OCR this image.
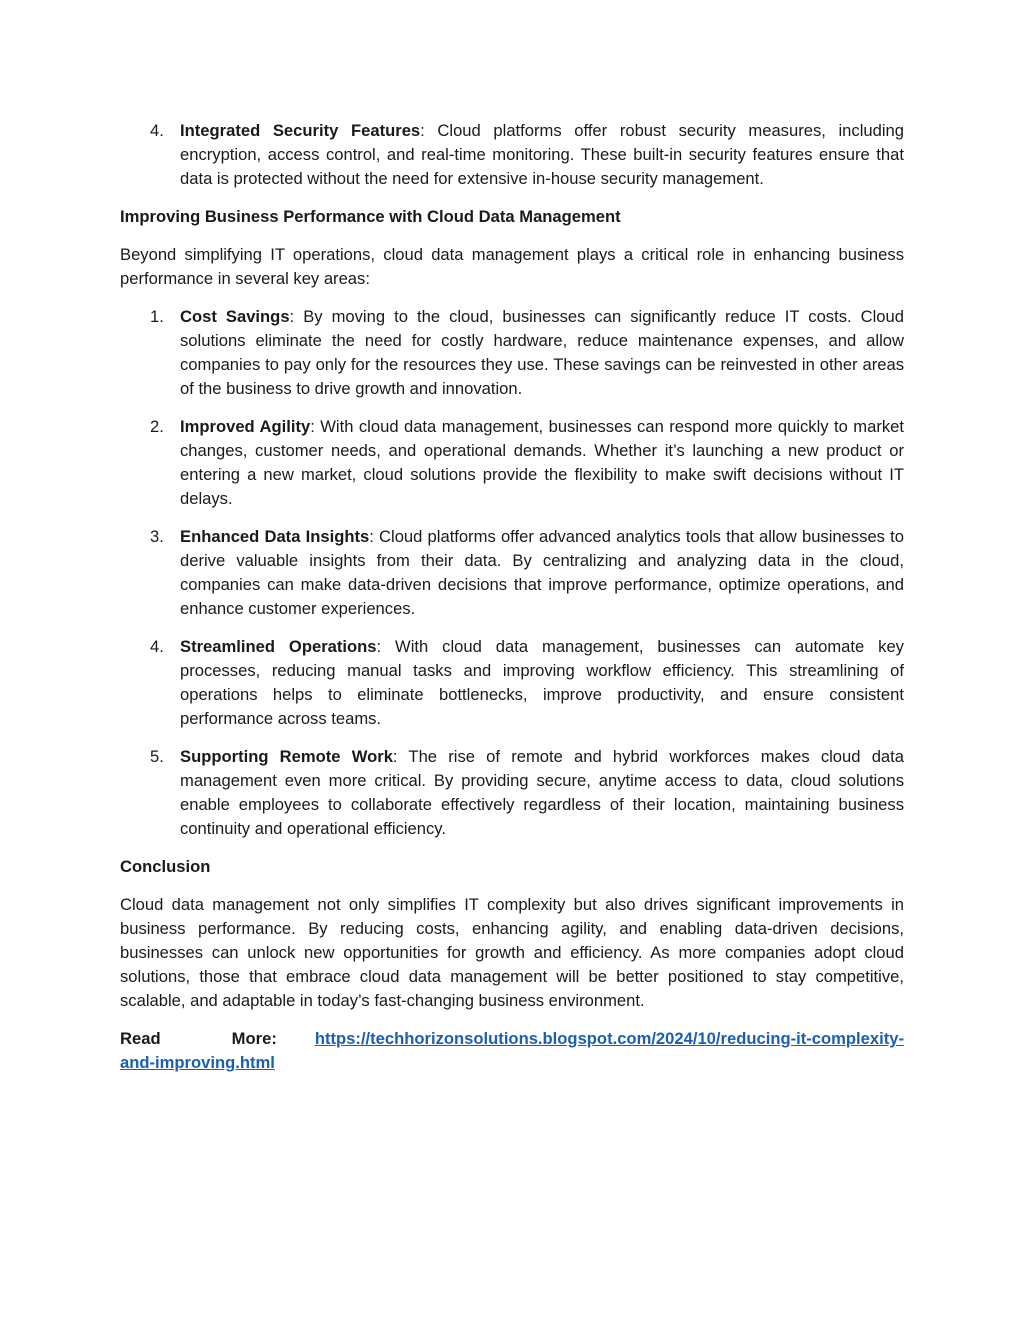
4. Integrated Security Features: Cloud platforms offer robust security measures, including encryption, access control, and real-time monitoring. These built-in security features ensure that data is protected without the need for extensive in-house security management.

Improving Business Performance with Cloud Data Management

Beyond simplifying IT operations, cloud data management plays a critical role in enhancing business performance in several key areas:

1. Cost Savings: By moving to the cloud, businesses can significantly reduce IT costs. Cloud solutions eliminate the need for costly hardware, reduce maintenance expenses, and allow companies to pay only for the resources they use. These savings can be reinvested in other areas of the business to drive growth and innovation.
2. Improved Agility: With cloud data management, businesses can respond more quickly to market changes, customer needs, and operational demands. Whether it’s launching a new product or entering a new market, cloud solutions provide the flexibility to make swift decisions without IT delays.
3. Enhanced Data Insights: Cloud platforms offer advanced analytics tools that allow businesses to derive valuable insights from their data. By centralizing and analyzing data in the cloud, companies can make data-driven decisions that improve performance, optimize operations, and enhance customer experiences.
4. Streamlined Operations: With cloud data management, businesses can automate key processes, reducing manual tasks and improving workflow efficiency. This streamlining of operations helps to eliminate bottlenecks, improve productivity, and ensure consistent performance across teams.
5. Supporting Remote Work: The rise of remote and hybrid workforces makes cloud data management even more critical. By providing secure, anytime access to data, cloud solutions enable employees to collaborate effectively regardless of their location, maintaining business continuity and operational efficiency.

Conclusion

Cloud data management not only simplifies IT complexity but also drives significant improvements in business performance. By reducing costs, enhancing agility, and enabling data-driven decisions, businesses can unlock new opportunities for growth and efficiency. As more companies adopt cloud solutions, those that embrace cloud data management will be better positioned to stay competitive, scalable, and adaptable in today’s fast-changing business environment.

Read More: https://techhorizonsolutions.blogspot.com/2024/10/reducing-it-complexity-and-improving.html
